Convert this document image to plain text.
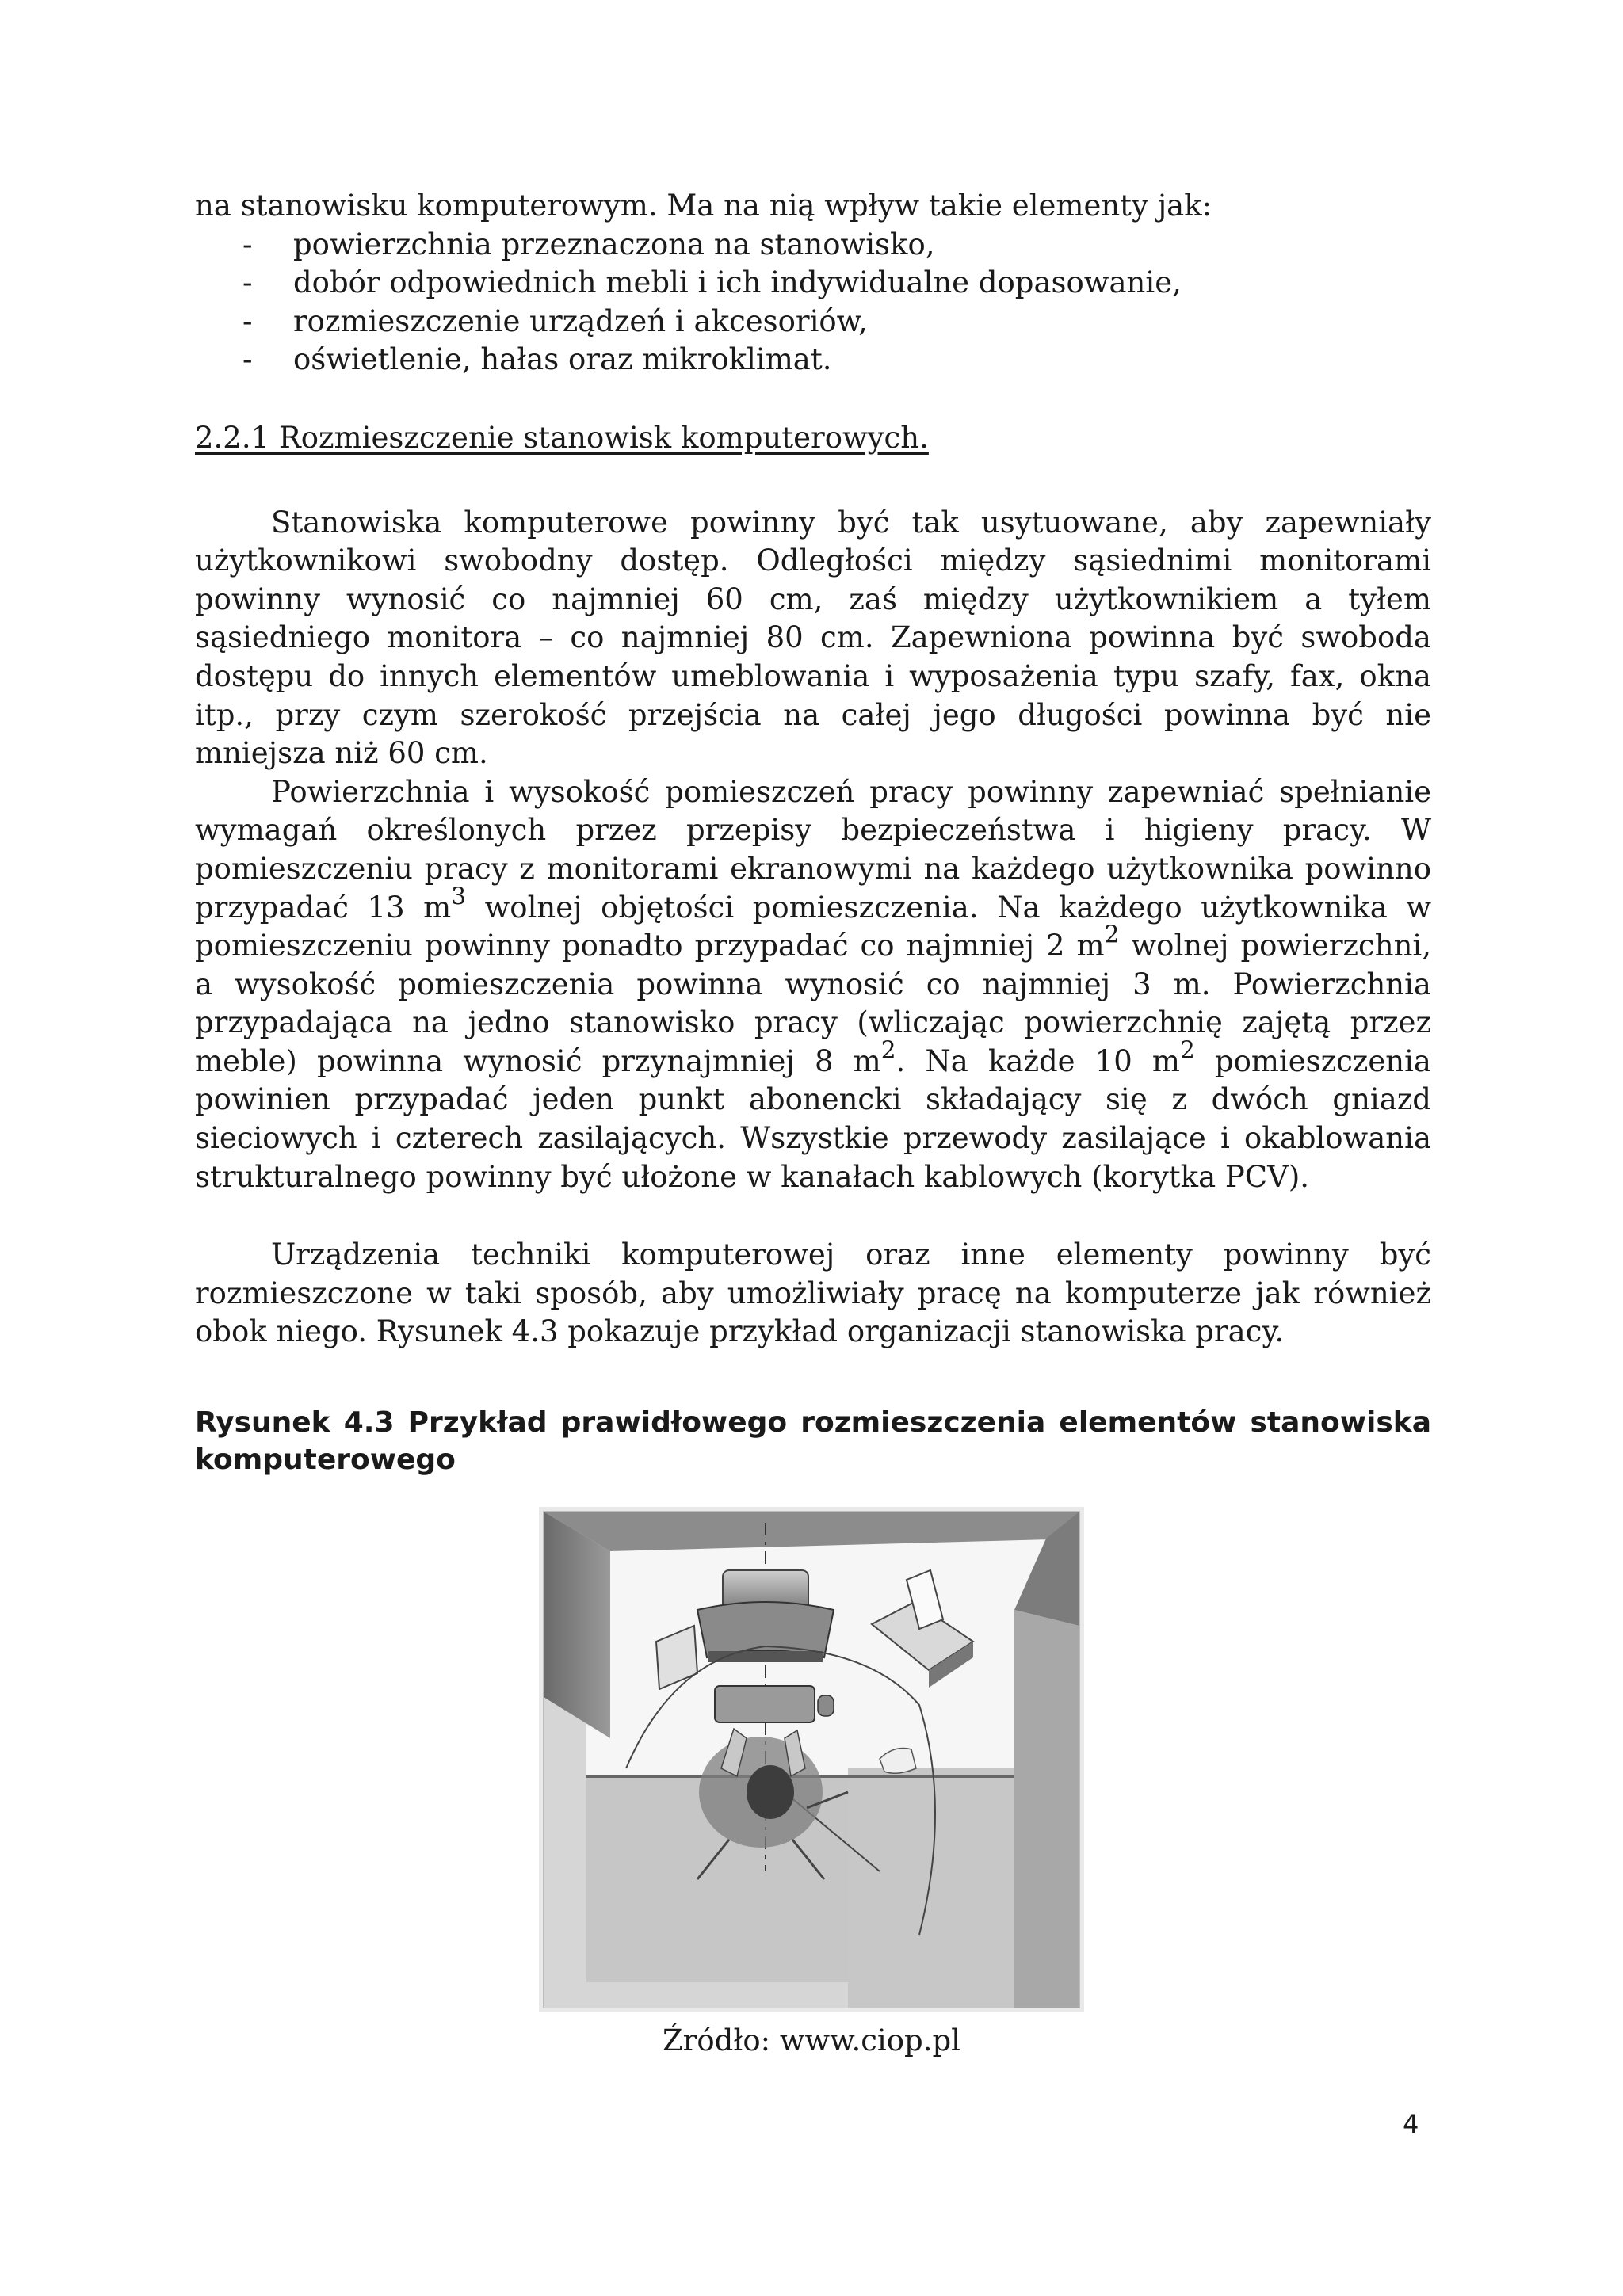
na stanowisku komputerowym. Ma na nią wpływ takie elementy jak:

- powierzchnia przeznaczona na stanowisko,
- dobór odpowiednich mebli i ich indywidualne dopasowanie,
- rozmieszczenie urządzeń i akcesoriów,
- oświetlenie, hałas oraz mikroklimat.

2.2.1 Rozmieszczenie stanowisk komputerowych.

Stanowiska komputerowe powinny być tak usytuowane, aby zapewniały użytkownikowi swobodny dostęp. Odległości między sąsiednimi monitorami powinny wynosić co najmniej 60 cm, zaś między użytkownikiem a tyłem sąsiedniego monitora – co najmniej 80 cm. Zapewniona powinna być swoboda dostępu do innych elementów umeblowania i wyposażenia typu szafy, fax, okna itp., przy czym szerokość przejścia na całej jego długości powinna być nie mniejsza niż 60 cm.

Powierzchnia i wysokość pomieszczeń pracy powinny zapewniać spełnianie wymagań określonych przez przepisy bezpieczeństwa i higieny pracy. W pomieszczeniu pracy z monitorami ekranowymi na każdego użytkownika powinno przypadać 13 $m^3$ wolnej objętości pomieszczenia. Na każdego użytkownika w pomieszczeniu powinny ponadto przypadać co najmniej 2 $m^2$ wolnej powierzchni, a wysokość pomieszczenia powinna wynosić co najmniej 3 m. Powierzchnia przypadająca na jedno stanowisko pracy (wliczając powierzchnię zajętą przez meble) powinna wynosić przynajmniej 8 $m^2$. Na każde 10 $m^2$ pomieszczenia powinien przypadać jeden punkt abonencki składający się z dwóch gniazd sieciowych i czterech zasilających. Wszystkie przewody zasilające i okablowania strukturalnego powinny być ułożone w kanałach kablowych (korytka PCV).

Urządzenia techniki komputerowej oraz inne elementy powinny być rozmieszczone w taki sposób, aby umożliwiały pracę na komputerze jak również obok niego. Rysunek 4.3 pokazuje przykład organizacji stanowiska pracy.

Rysunek 4.3 Przykład prawidłowego rozmieszczenia elementów stanowiska komputerowego

Źródło: www.ciop.pl

4
